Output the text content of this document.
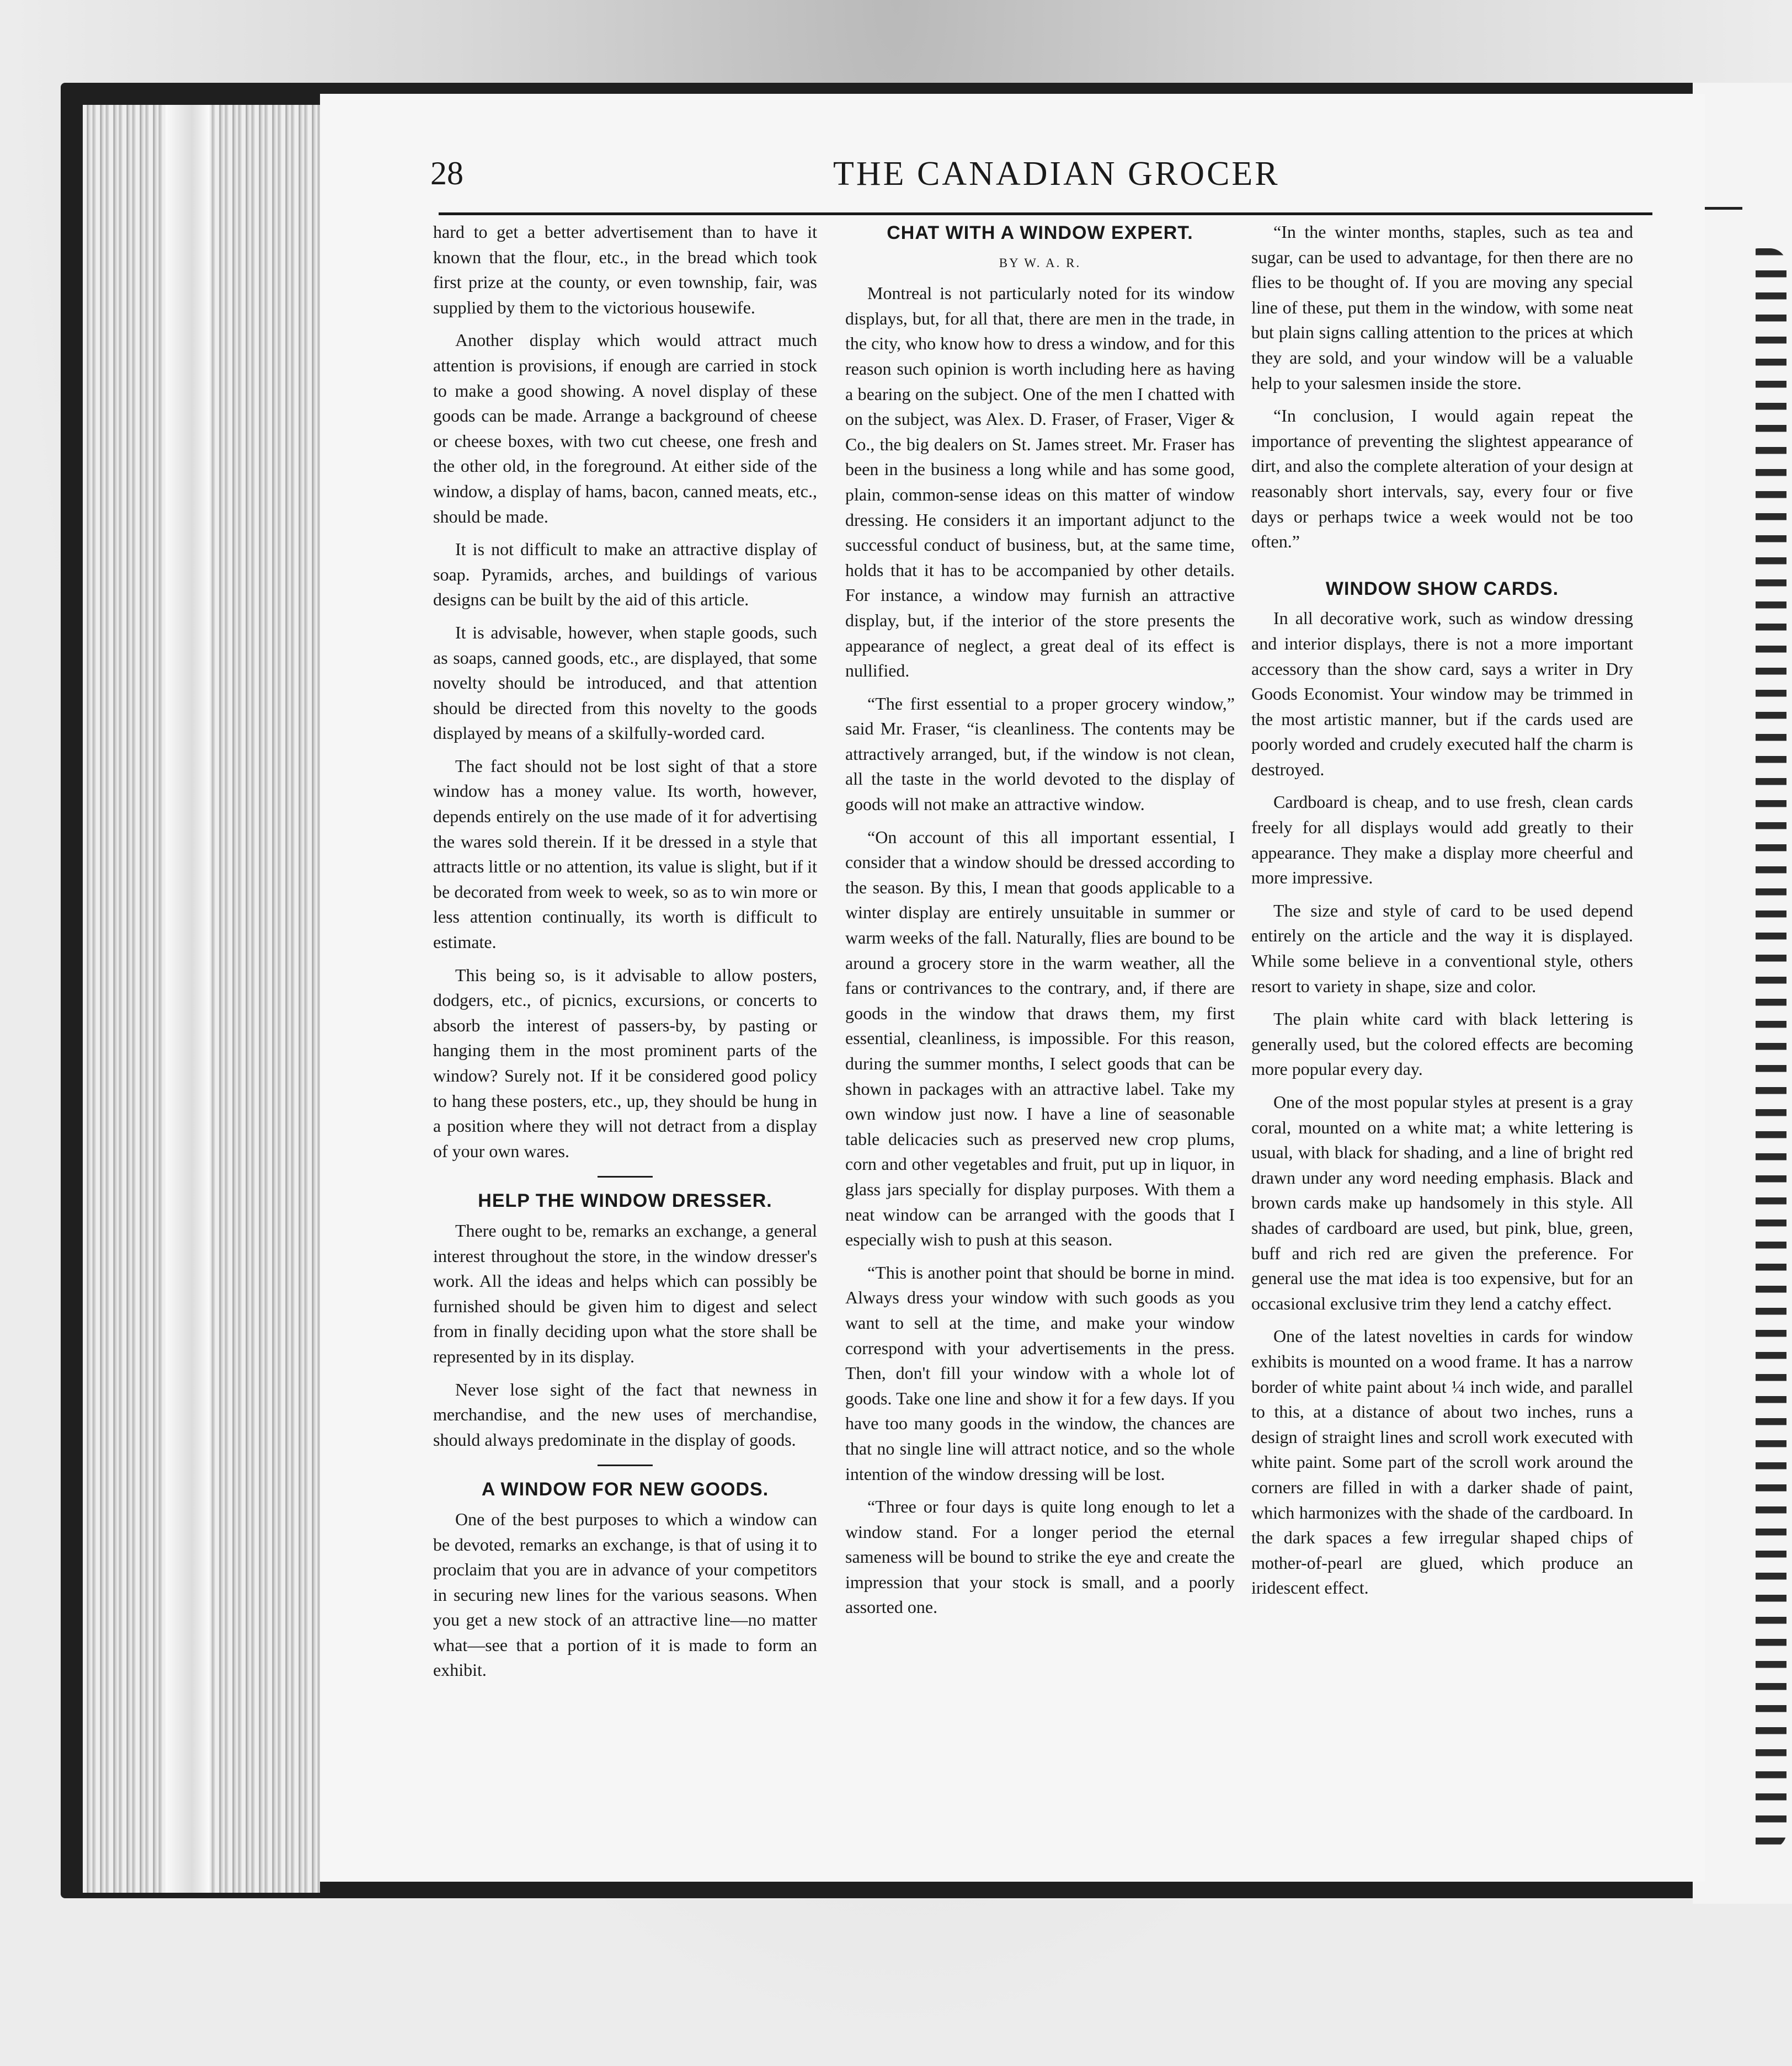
28	THE CANADIAN GROCER

hard to get a better advertisement than to have it known that the flour, etc., in the bread which took first prize at the county, or even township, fair, was supplied by them to the victorious housewife.

Another display which would attract much attention is provisions, if enough are carried in stock to make a good showing. A novel display of these goods can be made. Arrange a background of cheese or cheese boxes, with two cut cheese, one fresh and the other old, in the foreground. At either side of the window, a display of hams, bacon, canned meats, etc., should be made.

It is not difficult to make an attractive display of soap. Pyramids, arches, and buildings of various designs can be built by the aid of this article.

It is advisable, however, when staple goods, such as soaps, canned goods, etc., are displayed, that some novelty should be introduced, and that attention should be directed from this novelty to the goods displayed by means of a skilfully-worded card.

The fact should not be lost sight of that a store window has a money value. Its worth, however, depends entirely on the use made of it for advertising the wares sold therein. If it be dressed in a style that attracts little or no attention, its value is slight, but if it be decorated from week to week, so as to win more or less attention continually, its worth is difficult to estimate.

This being so, is it advisable to allow posters, dodgers, etc., of picnics, excursions, or concerts to absorb the interest of passers-by, by pasting or hanging them in the most prominent parts of the window? Surely not. If it be considered good policy to hang these posters, etc., up, they should be hung in a position where they will not detract from a display of your own wares.

HELP THE WINDOW DRESSER.

There ought to be, remarks an exchange, a general interest throughout the store, in the window dresser's work. All the ideas and helps which can possibly be furnished should be given him to digest and select from in finally deciding upon what the store shall be represented by in its display.

Never lose sight of the fact that newness in merchandise, and the new uses of merchandise, should always predominate in the display of goods.

A WINDOW FOR NEW GOODS.

One of the best purposes to which a window can be devoted, remarks an exchange, is that of using it to proclaim that you are in advance of your competitors in securing new lines for the various seasons. When you get a new stock of an attractive line—no matter what—see that a portion of it is made to form an exhibit.

CHAT WITH A WINDOW EXPERT.
BY W. A. R.

Montreal is not particularly noted for its window displays, but, for all that, there are men in the trade, in the city, who know how to dress a window, and for this reason such opinion is worth including here as having a bearing on the subject. One of the men I chatted with on the subject, was Alex. D. Fraser, of Fraser, Viger & Co., the big dealers on St. James street. Mr. Fraser has been in the business a long while and has some good, plain, common-sense ideas on this matter of window dressing. He considers it an important adjunct to the successful conduct of business, but, at the same time, holds that it has to be accompanied by other details. For instance, a window may furnish an attractive display, but, if the interior of the store presents the appearance of neglect, a great deal of its effect is nullified.

“The first essential to a proper grocery window,” said Mr. Fraser, “is cleanliness. The contents may be attractively arranged, but, if the window is not clean, all the taste in the world devoted to the display of goods will not make an attractive window.

“On account of this all important essential, I consider that a window should be dressed according to the season. By this, I mean that goods applicable to a winter display are entirely unsuitable in summer or warm weeks of the fall. Naturally, flies are bound to be around a grocery store in the warm weather, all the fans or contrivances to the contrary, and, if there are goods in the window that draws them, my first essential, cleanliness, is impossible. For this reason, during the summer months, I select goods that can be shown in packages with an attractive label. Take my own window just now. I have a line of seasonable table delicacies such as preserved new crop plums, corn and other vegetables and fruit, put up in liquor, in glass jars specially for display purposes. With them a neat window can be arranged with the goods that I especially wish to push at this season.

“This is another point that should be borne in mind. Always dress your window with such goods as you want to sell at the time, and make your window correspond with your advertisements in the press. Then, don't fill your window with a whole lot of goods. Take one line and show it for a few days. If you have too many goods in the window, the chances are that no single line will attract notice, and so the whole intention of the window dressing will be lost.

“Three or four days is quite long enough to let a window stand. For a longer period the eternal sameness will be bound to strike the eye and create the impression that your stock is small, and a poorly assorted one.

“In the winter months, staples, such as tea and sugar, can be used to advantage, for then there are no flies to be thought of. If you are moving any special line of these, put them in the window, with some neat but plain signs calling attention to the prices at which they are sold, and your window will be a valuable help to your salesmen inside the store.

“In conclusion, I would again repeat the importance of preventing the slightest appearance of dirt, and also the complete alteration of your design at reasonably short intervals, say, every four or five days or perhaps twice a week would not be too often.”

WINDOW SHOW CARDS.

In all decorative work, such as window dressing and interior displays, there is not a more important accessory than the show card, says a writer in Dry Goods Economist. Your window may be trimmed in the most artistic manner, but if the cards used are poorly worded and crudely executed half the charm is destroyed.

Cardboard is cheap, and to use fresh, clean cards freely for all displays would add greatly to their appearance. They make a display more cheerful and more impressive.

The size and style of card to be used depend entirely on the article and the way it is displayed. While some believe in a conventional style, others resort to variety in shape, size and color.

The plain white card with black lettering is generally used, but the colored effects are becoming more popular every day.

One of the most popular styles at present is a gray coral, mounted on a white mat; a white lettering is usual, with black for shading, and a line of bright red drawn under any word needing emphasis. Black and brown cards make up handsomely in this style. All shades of cardboard are used, but pink, blue, green, buff and rich red are given the preference. For general use the mat idea is too expensive, but for an occasional exclusive trim they lend a catchy effect.

One of the latest novelties in cards for window exhibits is mounted on a wood frame. It has a narrow border of white paint about ¼ inch wide, and parallel to this, at a distance of about two inches, runs a design of straight lines and scroll work executed with white paint. Some part of the scroll work around the corners are filled in with a darker shade of paint, which harmonizes with the shade of the cardboard. In the dark spaces a few irregular shaped chips of mother-of-pearl are glued, which produce an iridescent effect.
